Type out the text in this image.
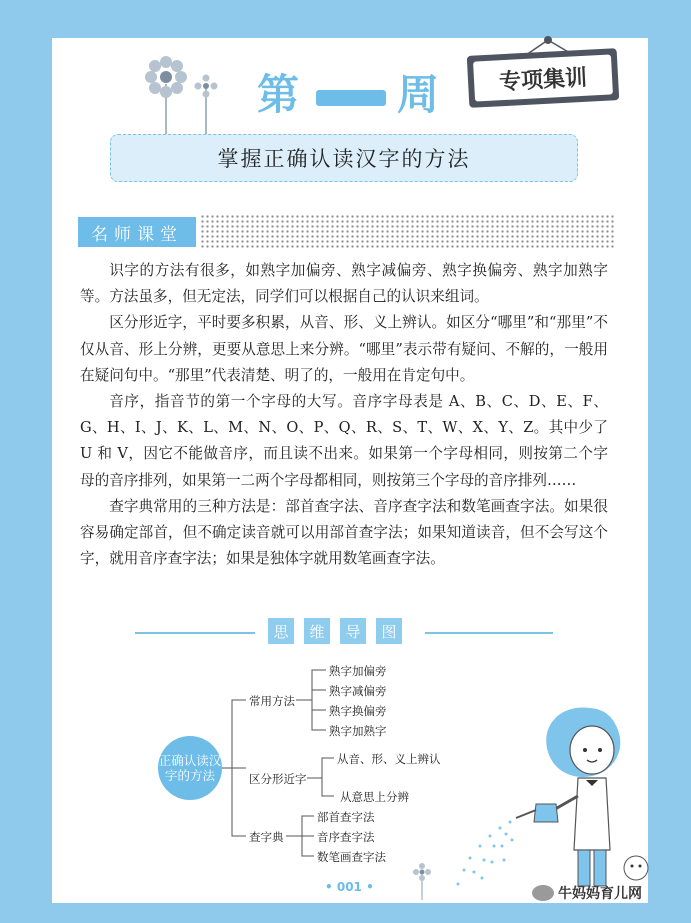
第 周	专项集训
掌握正确认读汉字的方法
名师课堂

识字的方法有很多，如熟字加偏旁、熟字减偏旁、熟字换偏旁、熟字加熟字等。方法虽多，但无定法，同学们可以根据自己的认识来组词。

区分形近字，平时要多积累，从音、形、义上辨认。如区分“哪里”和“那里”不仅从音、形上分辨，更要从意思上来分辨。“哪里”表示带有疑问、不解的，一般用在疑问句中。“那里”代表清楚、明了的，一般用在肯定句中。

音序，指音节的第一个字母的大写。音序字母表是 A、B、C、D、E、F、G、H、I、J、K、L、M、N、O、P、Q、R、S、T、W、X、Y、Z。其中少了 U 和 V，因它不能做音序，而且读不出来。如果第一个字母相同，则按第二个字母的音序排列，如果第一二两个字母都相同，则按第三个字母的音序排列……

查字典常用的三种方法是：部首查字法、音序查字法和数笔画查字法。如果很容易确定部首，但不确定读音就可以用部首查字法；如果知道读音，但不会写这个字，就用音序查字法；如果是独体字就用数笔画查字法。

思	维	导	图
正确认读汉字的方法
常用方法
熟字加偏旁
熟字减偏旁
熟字换偏旁
熟字加熟字
区分形近字
从音、形、义上辨认
从意思上分辨
查字典
部首查字法
音序查字法
数笔画查字法
• 001 •	牛妈妈育儿网
